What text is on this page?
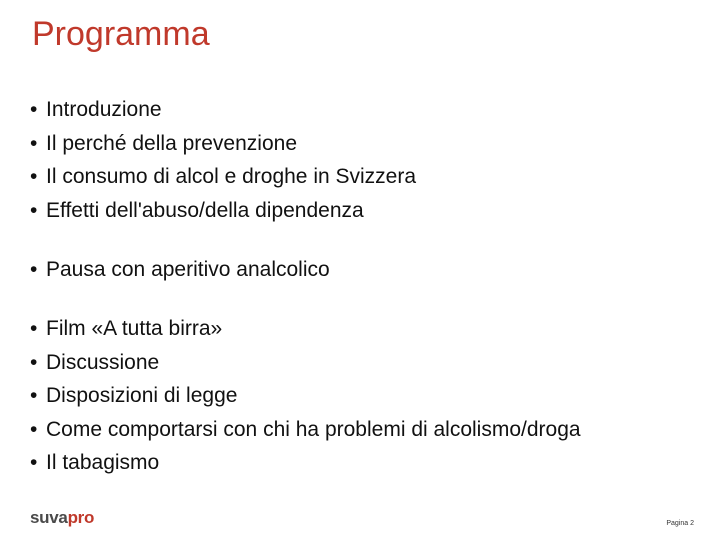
Programma
• Introduzione
• Il perché della prevenzione
• Il consumo di alcol e droghe in Svizzera
• Effetti dell'abuso/della dipendenza
• Pausa con aperitivo analcolico
• Film «A tutta birra»
• Discussione
• Disposizioni di legge
• Come comportarsi con chi ha problemi di alcolismo/droga
• Il tabagismo
suvapro	Pagina 2
